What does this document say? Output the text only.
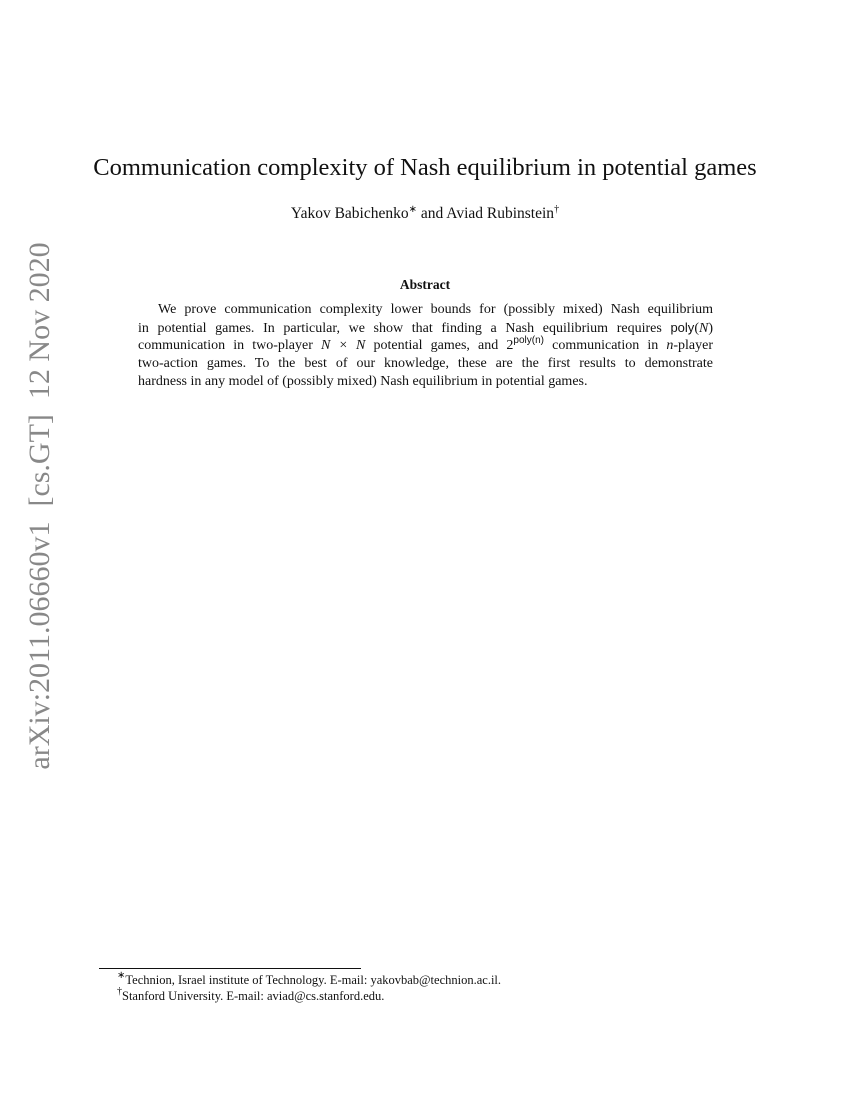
arXiv:2011.06660v1  [cs.GT]  12 Nov 2020
Communication complexity of Nash equilibrium in potential games
Yakov Babichenko∗ and Aviad Rubinstein†
Abstract
We prove communication complexity lower bounds for (possibly mixed) Nash equilibrium
in potential games. In particular, we show that finding a Nash equilibrium requires poly(N)
communication in two-player N × N potential games, and $2^{poly(n)}$ communication in n-player
two-action games. To the best of our knowledge, these are the first results to demonstrate
hardness in any model of (possibly mixed) Nash equilibrium in potential games.
∗Technion, Israel institute of Technology. E-mail: yakovbab@technion.ac.il.
†Stanford University. E-mail: aviad@cs.stanford.edu.
